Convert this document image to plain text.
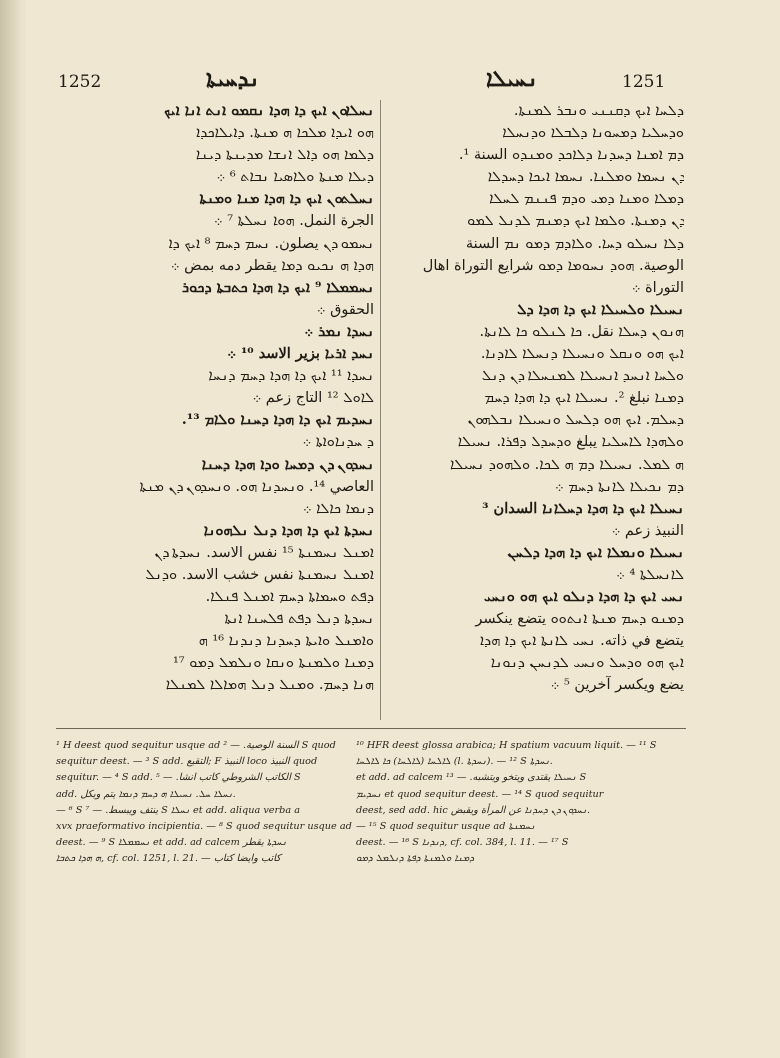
1252	ܢܕܚܝܬܐ	ܢܚܝܠܐ	1251
ܢܚܠܐܘܢ ܐܝܟ ܕܐ ܗܕܐ ܢܩܡܘ ܐܢܬ ܐܢܐ ܐܝܟ
ܗܘ ܐܝܕܐ ܡܠܟܐ ܗ ܡܢܬܐ. ܕܐܝܠܐܟܕܐ
ܕܠܡܐ ܗܘ ܕܐܠ ܐܢܫܐ ܡܕܝܢܬܐ ܕܝܢܐ
ܕܝܠܐ ܡܢܬܐ ܘܠܐܣܝܐ ܢܒܐܬ ⁶ ܀
ܢܚܠܬܘܢ ܐܝܟ ܕܐ ܗܕܐ ܡܢܐ ܘܡܢܬܐ
الجرة النمل. ܗܘܐ ܢܚܠܬܐ ⁷ ܀
ܢܚܡܘ ܕܢ يصلون. ܢܚܡ ܕܚܡ ⁸ ܐܝܟ ܕܐ
ܗܕܐ ܗ ܢܟܝܘ ܕܡܐ يقطر دمه بمض ܀
ܢܚܡܡܠܐ ⁹ ܐܝܟ ܕܐ ܗܕܐ ܟܬܒܬܐ ܕܟܘܪ
الحقوق ܀
ܢܚܕܐ ܢܡܪ ܀
ܢܚܕ ܐܪܝܐ بزير الاسد ¹⁰ ܀
ܢܚܕܐ ¹¹ ܐܝܟ ܕܐ ܗܕܐ ܕܚܡ ܕܢܚܐ
ܠܐܘܠ ¹² التاج زعم ܀
ܢܚܕܝܡ ܐܝܟ ܕܐ ܗܕܐ ܕܚܢܐ ܘܠܐܡ ¹³.
ܕ ܚܕܢܐܘܐܬܐ ܀
ܢܚܕܘܢ ܕܢ ܕܡܚܐ ܘܕܐ ܗܕܐ ܕܚܢܐ
العاصي ¹⁴. ܘܢܚܕܢܐ ܗܘ. ܘܢܚܕܘܢ ܕܢ ܡܢܬܐ
ܕܢܡܐ ܟܐܠܐ ܀
ܢܚܕܬܐ ܐܝܟ ܕܐ ܗܕܐ ܕܢܠ ܢܠܗܘܢܐ
ܐܡܢܠ ܢܚܡܢܬܐ ¹⁵ نفس الاسد. ܢܚܕܬܐ ܕܢ
ܐܡܢܠ ܢܚܡܢܬܐ نفس خشب الاسد. ܘܕܢܠ
ܕܦܬ ܘܚܡܐܬܐ ܕܚܡ ܐܡܢܠ ܦܢܠܐ.
ܢܚܕܬܐ ܕܢܠ ܕܦܬ ܦܠܚܢܐ ܐܢܬܐ
ܘܐܡܢܠ ܘܐܝܬܐ ܕܚܕܢܐ ܕܢܕܢܐ ¹⁶ ܗ
ܕܡܢܐ ܘܠܡܢܬܐ ܘܢܩܐ ܘܢܠܡܠ ܕܡܘ ¹⁷
ܗܢܐ ܕܚܡ. ܘܡܢܠ ܕܢܠ ܗܡܐܠܐ ܠܡܢܠܐ
ܕܠܚܐ ܐܝܟ ܕܩܢܢܝ ܘܢܒܪ ܠܡܢܬܐ.
ܘܕܚܠܝܐ ܕܡܚܘܢܐ ܕܠܒܠܐ ܘܕܢܚܠܐ
ܕܡ ܐܡܢܐ ܕܚܕܢܐ ܕܠܐܟܕ ܘܡܢܕܘ السنة ¹.
ܕܢ ܢܚܡܐ ܘܡܠܢܐ. ܢܚܡܐ ܐܝܟܐ ܕܚܕܠܐ
ܕܡܠܐ ܘܡܢܐ ܕܡܝ ܘܕܡ ܦܢܢܡ ܠܚܠܐ
ܕܢ ܕܡܢܬܐ. ܘܠܡܐ ܐܝܟ ܕܡܢܡ ܠܕܢܠ ܠܡܘ
ܕܠܐ ܢܚܠܘ ܕܚܐ. ܘܠܐܕܡ ܕܡܘ ܢܡ السنة
الوصية. ܗܘܕ ܢܚܘܡܐ ܕܡܘ شرايع التوراة اهال
التوراة ܀
ܢܚܝܠܐ ܘܠܚܝܠܐ ܐܝܟ ܕܐ ܗܕܐ ܕܠ
ܗܢܘܢ ܕܚܠܐ نقل. ܟܐ ܠܢܠܘ ܟܐ ܠܐܢܬܐ.
ܐܝܟ ܗܘ ܘܢܩܠ ܘܢܚܝܠܐ ܕܢܚܠܐ ܠܐܕܢܐ.
ܘܠܚܐ ܐܢܚܕ ܐܢܚܝܠܐ ܠܡܢܚܠܐ ܕܢ ܕܢܠ
ܕܡܢܐ نبلغ ². ܢܚܝܠܐ ܐܝܟ ܕܐ ܗܕܐ ܕܚܡ
ܕܚܠܡ. ܐܝܟ ܗܘ ܕܠܚܠ ܘܢܚܝܠܐ ܢܒܠܗܘܢ
ܘܠܗܕܐ ܠܐܚܠܝܐ يبلغ ܘܕܚܕܠ ܕܦܪܐ. ܢܚܝܠܐ
ܗ ܠܡܠ. ܢܚܝܠܐ ܕܡ ܗ ܠܟܐ. ܘܠܗܘܕ ܢܚܝܠܐ
ܕܡ ܢܟܝܠܐ ܠܐܢܬܐ ܕܚܡ ܀
ܢܚܝܠܐ ܐܝܟ ܕܐ ܗܕܐ ܕܚܠܐܢܐ السدان ³
النبيذ زعم ܀
ܢܚܝܠܐ ܘܢܡܠܐ ܐܝܟ ܕܐ ܗܕܐ ܕܠܚܢ
ܠܐܢܚܠܬܐ ⁴ ܀
ܢܚܝ ܐܝܟ ܕܐ ܗܕܐ ܕܢܠܘ ܐܝܟ ܗܘ ܘܢܚܝ
ܕܡܢܘ ܕܚܡ ܡܢܬܐ ܐܢܬܘܘ يتضع ينكسر
يتضع في ذاته. ܢܚܝ ܠܐܢܬܐ ܐܝܟ ܕܐ ܗܕܐ
ܐܝܟ ܗܘ ܘܕܚܠ ܘܢܚܝ ܠܕܢܚܢ ܕܢܘܢܐ
يضع ويكسر آخرين ⁵ ܀
¹ H deest quod sequitur usque ad السنة الوصية. — ² S quod
sequitur deest. — ³ S add. التقيع; F النبيذ loco النبيذ quod
sequitur. — ⁴ S add. الكاتب الشروطي كاتب انشا. — ⁵ S
add. ܢܚܠܐ ܚܠ. ܢܚܝܠܐ ܗ ܕܚܡ ܕܢܡܐ يتم ويكل.
— ⁶ S ينتف ويبسط. — ⁷ S ܢܚܠܐ et add. aliqua verba a
xvx praeformativo incipientia. — ⁸ S quod sequitur usque ad
deest. — ⁹ S ܢܚܡܡܠܐ et add. ad calcem ܢܚܕܬܐ يقطر
ܗ ܗܕܐ ܟܬܒܐ, cf. col. 1251, l. 21. — كاتب وايضا كتاب
¹⁰ HFR deest glossa arabica; H spatium vacuum liquit. — ¹¹ S
ܠܐܠܚܐ (ܠܐܠܚܐ) ܟܐ ܠܐܠܚܐ (l. ܢܚܕܬܐ). — ¹² S ܢܚܕܬܐ.
et add. ad calcem ܢܚܝܠܐ يقتدى ويتخو ويتشبه. — ¹³ S
ܢܚܕܝܡ et quod sequitur deest. — ¹⁴ S quod sequitur
deest, sed add. hic ܢܚܕܘܢ ܕܢ ܕܚܕܢܐ عن المرأة ويقبض.
— ¹⁵ S quod sequitur usque ad ܢܚܡܢܬܐ
deest. — ¹⁶ S ܕܢܕܢܐ, cf. col. 384, l. 11. — ¹⁷ S
ܕܡܢܐ ܘܠܡܢܬܐ ܕܦܬܐ ܕܢܠܡܠ ܕܡܘ
